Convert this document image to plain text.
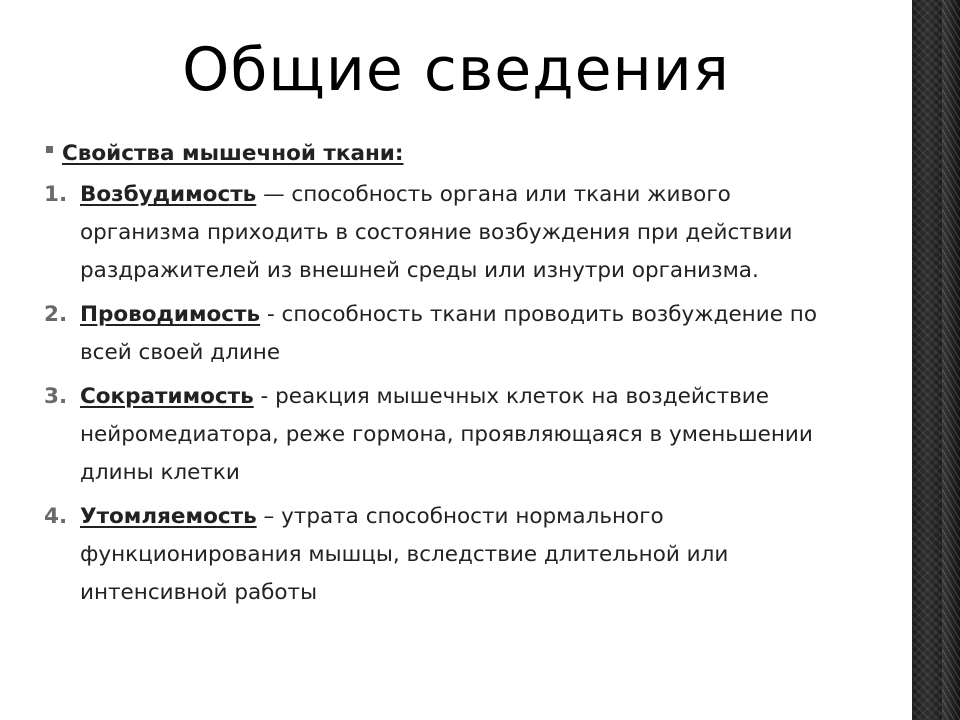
Общие сведения
Свойства мышечной ткани:
1. Возбудимость — способность органа или ткани живого организма приходить в состояние возбуждения при действии раздражителей из внешней среды или изнутри организма.
2. Проводимость - способность ткани проводить возбуждение по всей своей длине
3. Сократимость - реакция мышечных клеток на воздействие нейромедиатора, реже гормона, проявляющаяся в уменьшении длины клетки
4. Утомляемость – утрата способности нормального функционирования мышцы, вследствие длительной или интенсивной работы
